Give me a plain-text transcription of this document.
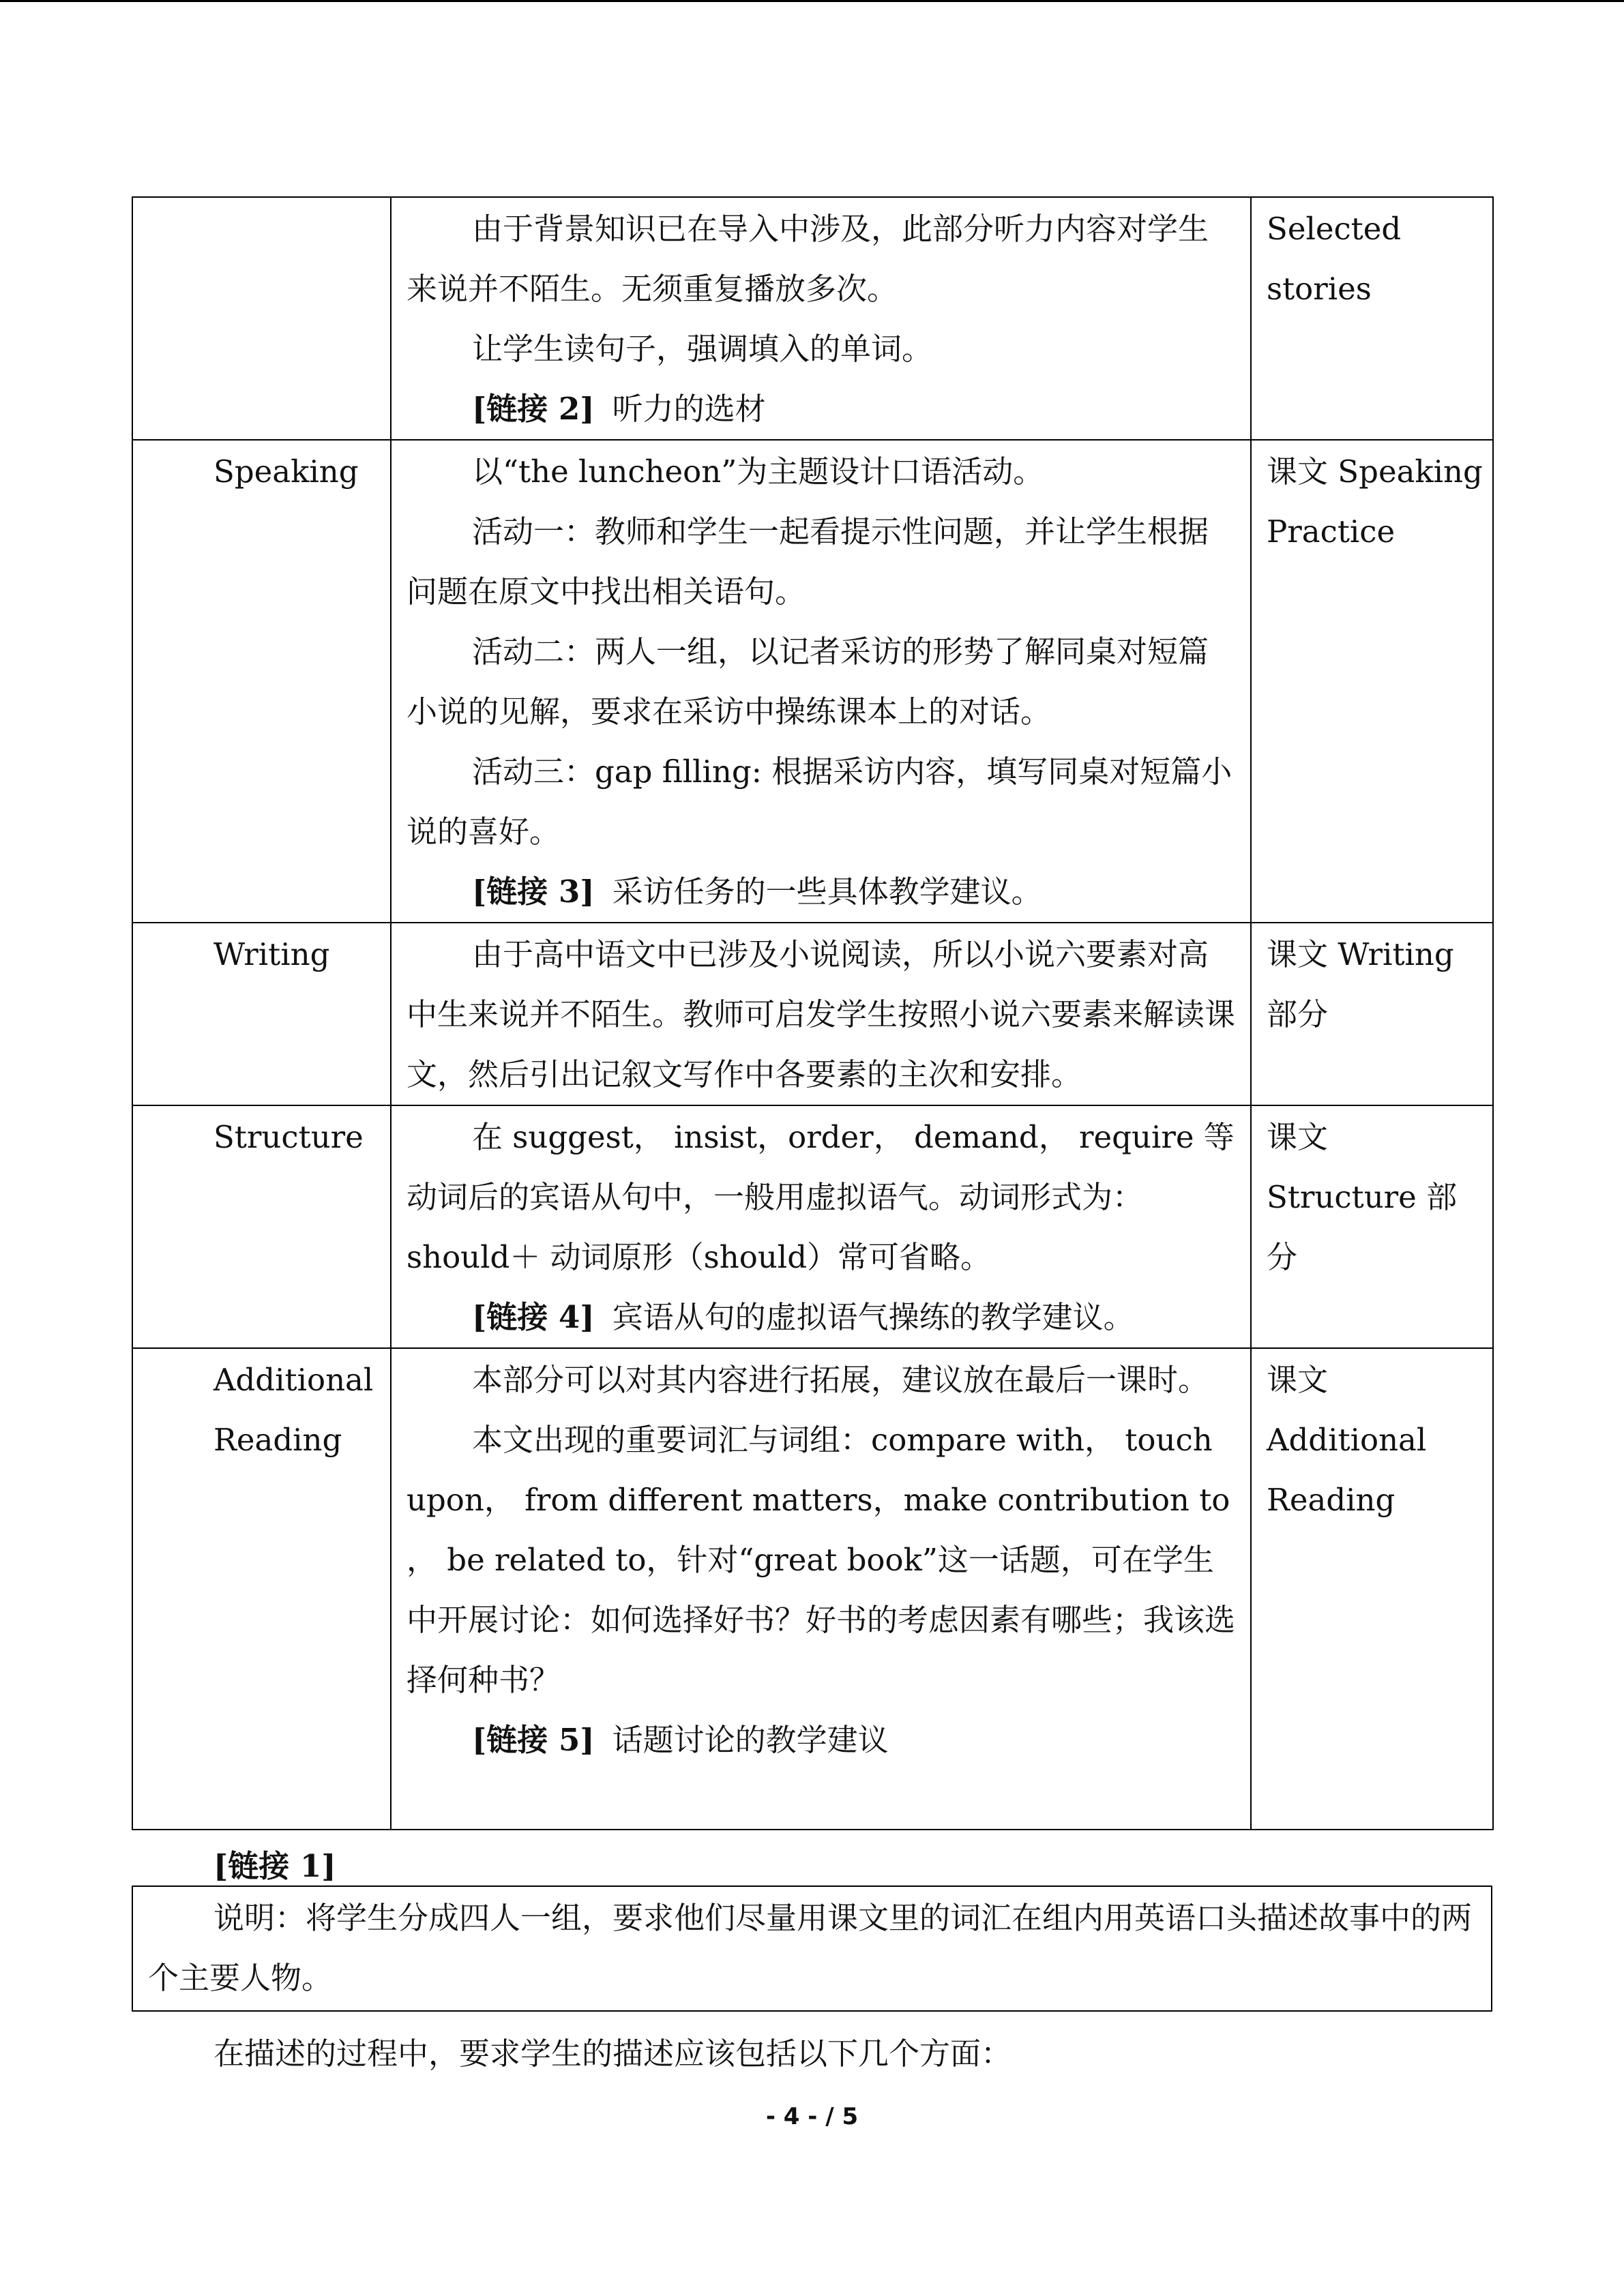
	由于背景知识已在导入中涉及，此部分听力内容对学生来说并不陌生。无须重复播放多次。

让学生读句子，强调填入的单词。

[链接 2] 听力的选材	Selected stories
Speaking	以“the luncheon”为主题设计口语活动。

活动一：教师和学生一起看提示性问题，并让学生根据问题在原文中找出相关语句。

活动二：两人一组，以记者采访的形势了解同桌对短篇小说的见解，要求在采访中操练课本上的对话。

活动三：gap filling: 根据采访内容，填写同桌对短篇小说的喜好。

[链接 3] 采访任务的一些具体教学建议。	课文 Speaking Practice
Writing	由于高中语文中已涉及小说阅读，所以小说六要素对高中生来说并不陌生。教师可启发学生按照小说六要素来解读课文，然后引出记叙文写作中各要素的主次和安排。	课文 Writing 部分
Structure	在 suggest， insist，order， demand， require 等动词后的宾语从句中，一般用虚拟语气。动词形式为：should＋ 动词原形（should）常可省略。

[链接 4] 宾语从句的虚拟语气操练的教学建议。	课文 Structure 部分
Additional Reading	本部分可以对其内容进行拓展，建议放在最后一课时。

本文出现的重要词汇与词组：compare with， touch upon， from different matters，make contribution to ， be related to，针对“great book”这一话题，可在学生中开展讨论：如何选择好书？好书的考虑因素有哪些；我该选择何种书？

[链接 5] 话题讨论的教学建议	课文 Additional Reading

[链接 1]

说明：将学生分成四人一组，要求他们尽量用课文里的词汇在组内用英语口头描述故事中的两个主要人物。

在描述的过程中，要求学生的描述应该包括以下几个方面：

- 4 - / 5
